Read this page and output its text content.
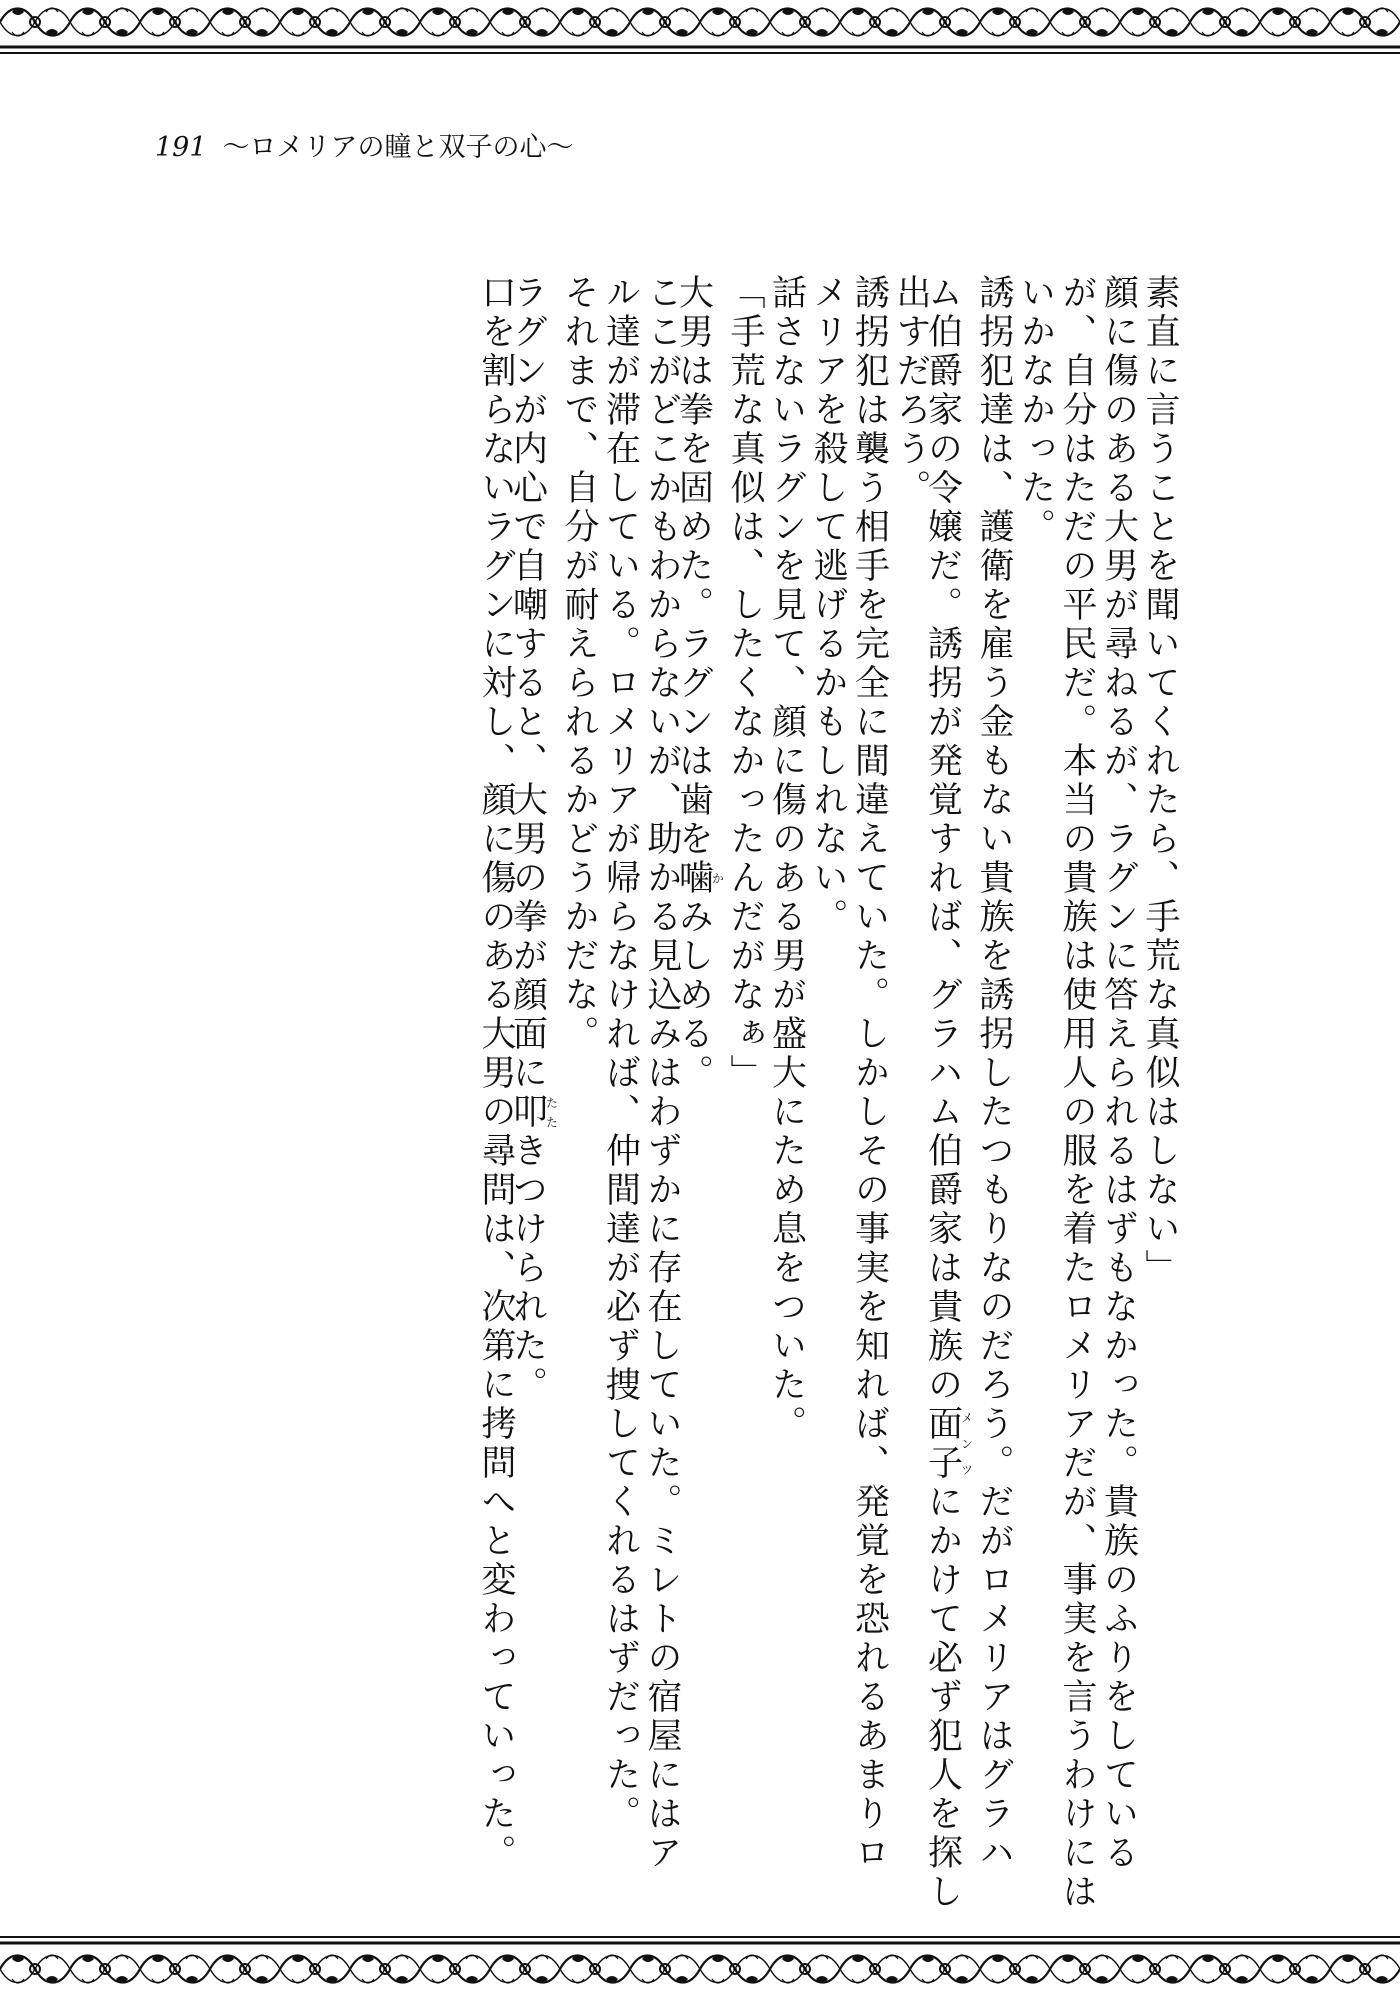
191 〜ロメリアの瞳と双子の心〜
素直に言うことを聞いてくれたら、手荒な真似はしない」
顔に傷のある大男が尋ねるが、ラグンに答えられるはずもなかった。貴族のふりをしている
が、自分はただの平民だ。本当の貴族は使用人の服を着たロメリアだが、事実を言うわけには
いかなかった。
誘拐犯達は、護衛を雇う金もない貴族を誘拐したつもりなのだろう。だがロメリアはグラハ
ム伯爵家の令嬢だ。誘拐が発覚すれば、グラハム伯爵家は貴族の面子メンツにかけて必ず犯人を探し
出すだろう。
誘拐犯は襲う相手を完全に間違えていた。しかしその事実を知れば、発覚を恐れるあまりロ
メリアを殺して逃げるかもしれない。
話さないラグンを見て、顔に傷のある男が盛大にため息をついた。
「手荒な真似は、したくなかったんだがなぁ」
大男は拳を固めた。ラグンは歯を噛かみしめる。
ここがどこかもわからないが、助かる見込みはわずかに存在していた。ミレトの宿屋にはア
ル達が滞在している。ロメリアが帰らなければ、仲間達が必ず捜してくれるはずだった。
それまで、自分が耐えられるかどうかだな。
ラグンが内心で自嘲すると、大男の拳が顔面に叩たたきつけられた。
口を割らないラグンに対し、顔に傷のある大男の尋問は、次第に拷問へと変わっていった。
